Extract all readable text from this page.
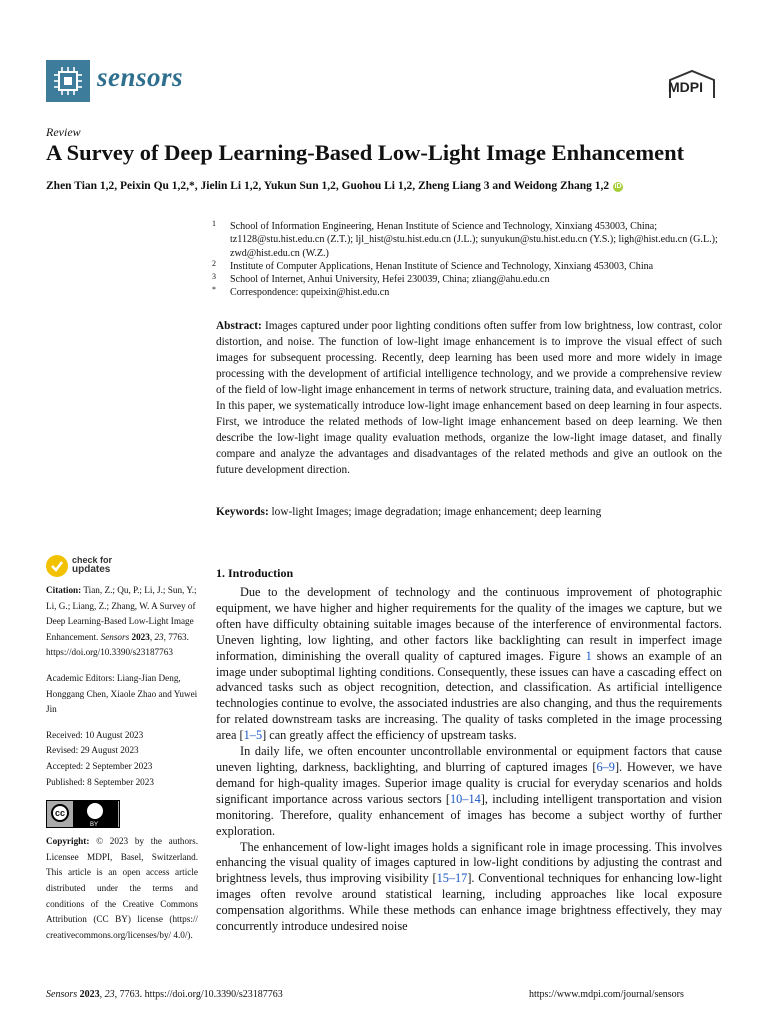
sensors	MDPI
Review
A Survey of Deep Learning-Based Low-Light Image Enhancement
Zhen Tian 1,2, Peixin Qu 1,2,*, Jielin Li 1,2, Yukun Sun 1,2, Guohou Li 1,2, Zheng Liang 3 and Weidong Zhang 1,2 iD
1 School of Information Engineering, Henan Institute of Science and Technology, Xinxiang 453003, China; tz1128@stu.hist.edu.cn (Z.T.); ljl_hist@stu.hist.edu.cn (J.L.); sunyukun@stu.hist.edu.cn (Y.S.); ligh@hist.edu.cn (G.L.); zwd@hist.edu.cn (W.Z.)
2 Institute of Computer Applications, Henan Institute of Science and Technology, Xinxiang 453003, China
3 School of Internet, Anhui University, Hefei 230039, China; zliang@ahu.edu.cn
* Correspondence: qupeixin@hist.edu.cn
Abstract: Images captured under poor lighting conditions often suffer from low brightness, low contrast, color distortion, and noise. The function of low-light image enhancement is to improve the visual effect of such images for subsequent processing. Recently, deep learning has been used more and more widely in image processing with the development of artificial intelligence technology, and we provide a comprehensive review of the field of low-light image enhancement in terms of network structure, training data, and evaluation metrics. In this paper, we systematically introduce low-light image enhancement based on deep learning in four aspects. First, we introduce the related methods of low-light image enhancement based on deep learning. We then describe the low-light image quality evaluation methods, organize the low-light image dataset, and finally compare and analyze the advantages and disadvantages of the related methods and give an outlook on the future development direction.
Keywords: low-light Images; image degradation; image enhancement; deep learning
check for
updates
Citation: Tian, Z.; Qu, P.; Li, J.; Sun, Y.; Li, G.; Liang, Z.; Zhang, W. A Survey of Deep Learning-Based Low-Light Image Enhancement. Sensors 2023, 23, 7763. https://doi.org/10.3390/s23187763
Academic Editors: Liang-Jian Deng, Honggang Chen, Xiaole Zhao and Yuwei Jin
Received: 10 August 2023
Revised: 29 August 2023
Accepted: 2 September 2023
Published: 8 September 2023
cc
BY
Copyright: © 2023 by the authors. Licensee MDPI, Basel, Switzerland. This article is an open access article distributed under the terms and conditions of the Creative Commons Attribution (CC BY) license (https:// creativecommons.org/licenses/by/ 4.0/).
1. Introduction

Due to the development of technology and the continuous improvement of photographic equipment, we have higher and higher requirements for the quality of the images we capture, but we often have difficulty obtaining suitable images because of the interference of environmental factors. Uneven lighting, low lighting, and other factors like backlighting can result in imperfect image information, diminishing the overall quality of captured images. Figure 1 shows an example of an image under suboptimal lighting conditions. Consequently, these issues can have a cascading effect on advanced tasks such as object recognition, detection, and classification. As artificial intelligence technologies continue to evolve, the associated industries are also changing, and thus the requirements for related downstream tasks are increasing. The quality of tasks completed in the image processing area [1–5] can greatly affect the efficiency of upstream tasks.

In daily life, we often encounter uncontrollable environmental or equipment factors that cause uneven lighting, darkness, backlighting, and blurring of captured images [6–9]. However, we have demand for high-quality images. Superior image quality is crucial for everyday scenarios and holds significant importance across various sectors [10–14], including intelligent transportation and vision monitoring. Therefore, quality enhancement of images has become a subject worthy of further exploration.

The enhancement of low-light images holds a significant role in image processing. This involves enhancing the visual quality of images captured in low-light conditions by adjusting the contrast and brightness levels, thus improving visibility [15–17]. Conventional techniques for enhancing low-light images often revolve around statistical learning, including approaches like local exposure compensation algorithms. While these methods can enhance image brightness effectively, they may concurrently introduce undesired noise

Sensors 2023, 23, 7763. https://doi.org/10.3390/s23187763	https://www.mdpi.com/journal/sensors
